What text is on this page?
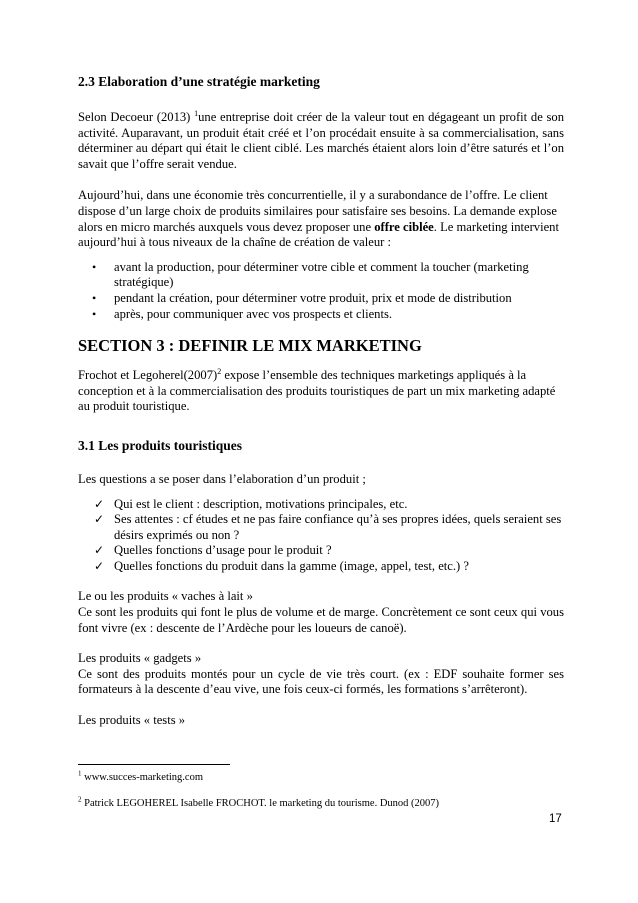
2.3 Elaboration d’une stratégie marketing

Selon Decoeur (2013) $^1$une entreprise doit créer de la valeur tout en dégageant un profit de son activité. Auparavant, un produit était créé et l’on procédait ensuite à sa commercialisation, sans déterminer au départ qui était le client ciblé. Les marchés étaient alors loin d’être saturés et l’on savait que l’offre serait vendue.

Aujourd’hui, dans une économie très concurrentielle, il y a surabondance de l’offre. Le client dispose d’un large choix de produits similaires pour satisfaire ses besoins. La demande explose alors en micro marchés auxquels vous devez proposer une offre ciblée. Le marketing intervient aujourd’hui à tous niveaux de la chaîne de création de valeur :

• avant la production, pour déterminer votre cible et comment la toucher (marketing stratégique)
• pendant la création, pour déterminer votre produit, prix et mode de distribution
• après, pour communiquer avec vos prospects et clients.

SECTION 3 : DEFINIR LE MIX MARKETING

Frochot et $Legoherel(2007)^2$ expose l’ensemble des techniques marketings appliqués à la conception et à la commercialisation des produits touristiques de part un mix marketing adapté au produit touristique.

3.1 Les produits touristiques

Les questions a se poser dans l’elaboration d’un produit ;

✓ Qui est le client : description, motivations principales, etc.
✓ Ses attentes : cf études et ne pas faire confiance qu’à ses propres idées, quels seraient ses désirs exprimés ou non ?
✓ Quelles fonctions d’usage pour le produit ?
✓ Quelles fonctions du produit dans la gamme (image, appel, test, etc.) ?

Le ou les produits « vaches à lait »

Ce sont les produits qui font le plus de volume et de marge. Concrètement ce sont ceux qui vous font vivre (ex : descente de l’Ardèche pour les loueurs de canoë).

Les produits « gadgets »

Ce sont des produits montés pour un cycle de vie très court. (ex : EDF souhaite former ses formateurs à la descente d’eau vive, une fois ceux-ci formés, les formations s’arrêteront).

Les produits « tests »

$^1$ www.succes-marketing.com
$^2$ Patrick LEGOHEREL Isabelle FROCHOT. le marketing du tourisme. Dunod (2007)
17
